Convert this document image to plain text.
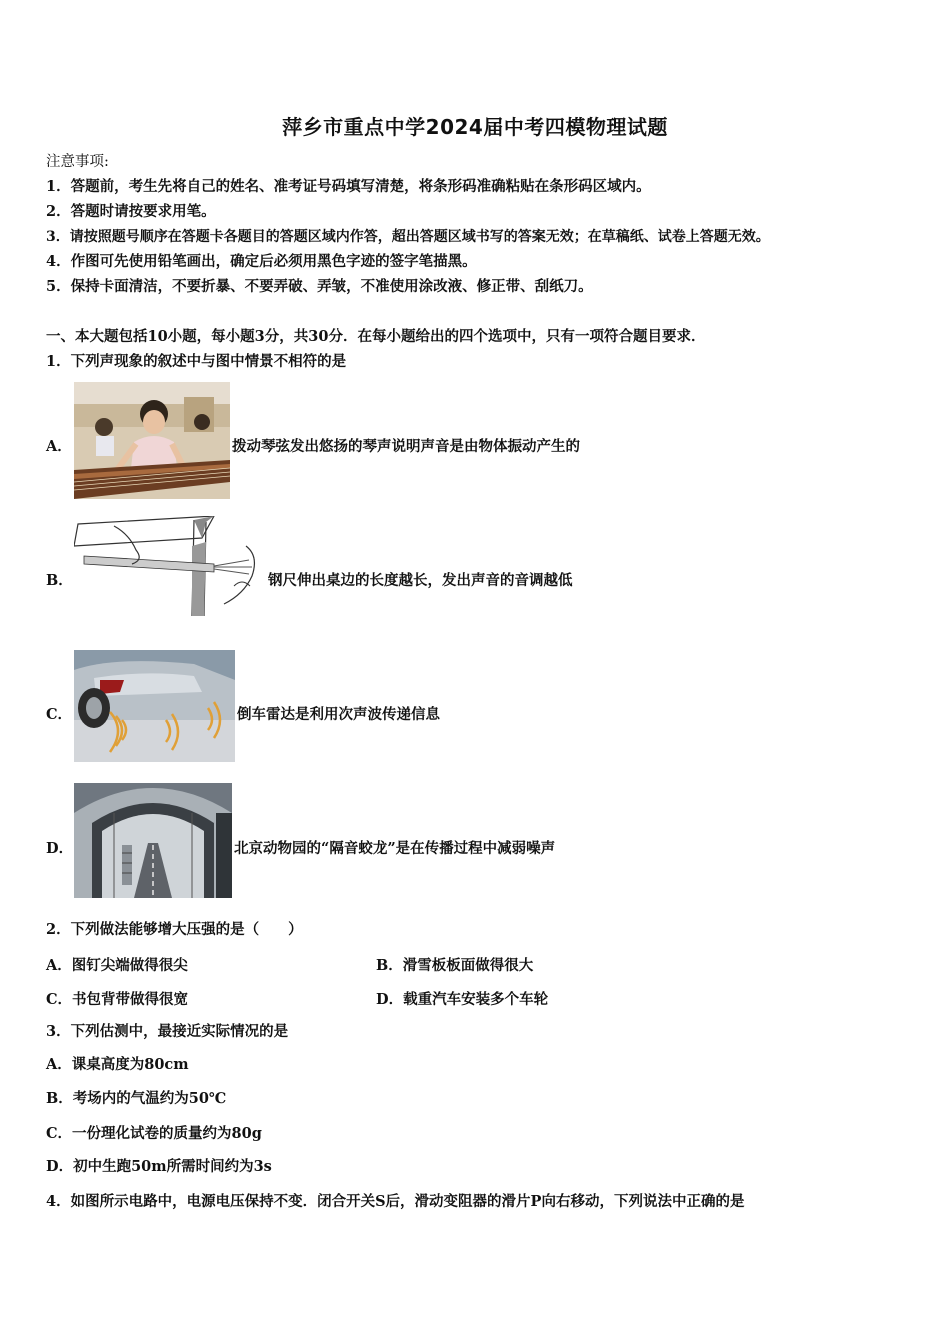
萍乡市重点中学2024届中考四模物理试题
注意事项:
1．答题前，考生先将自己的姓名、准考证号码填写清楚，将条形码准确粘贴在条形码区域内。
2．答题时请按要求用笔。
3．请按照题号顺序在答题卡各题目的答题区域内作答，超出答题区域书写的答案无效；在草稿纸、试卷上答题无效。
4．作图可先使用铅笔画出，确定后必须用黑色字迹的签字笔描黑。
5．保持卡面清洁，不要折暴、不要弄破、弄皱，不准使用涂改液、修正带、刮纸刀。
一、本大题包括10小题，每小题3分，共30分．在每小题给出的四个选项中，只有一项符合题目要求．
1．下列声现象的叙述中与图中情景不相符的是
A．	拨动琴弦发出悠扬的琴声说明声音是由物体振动产生的
B．	钢尺伸出桌边的长度越长，发出声音的音调越低
C．	倒车雷达是利用次声波传递信息
D．	北京动物园的“隔音蛟龙”是在传播过程中减弱噪声
2．下列做法能够增大压强的是（　　）
A．图钉尖端做得很尖	B．滑雪板板面做得很大
C．书包背带做得很宽	D．载重汽车安装多个车轮
3．下列估测中，最接近实际情况的是
A．课桌高度为80cm
B．考场内的气温约为50℃
C．一份理化试卷的质量约为80g
D．初中生跑50m所需时间约为3s
4．如图所示电路中，电源电压保持不变．闭合开关S后，滑动变阻器的滑片P向右移动，下列说法中正确的是
